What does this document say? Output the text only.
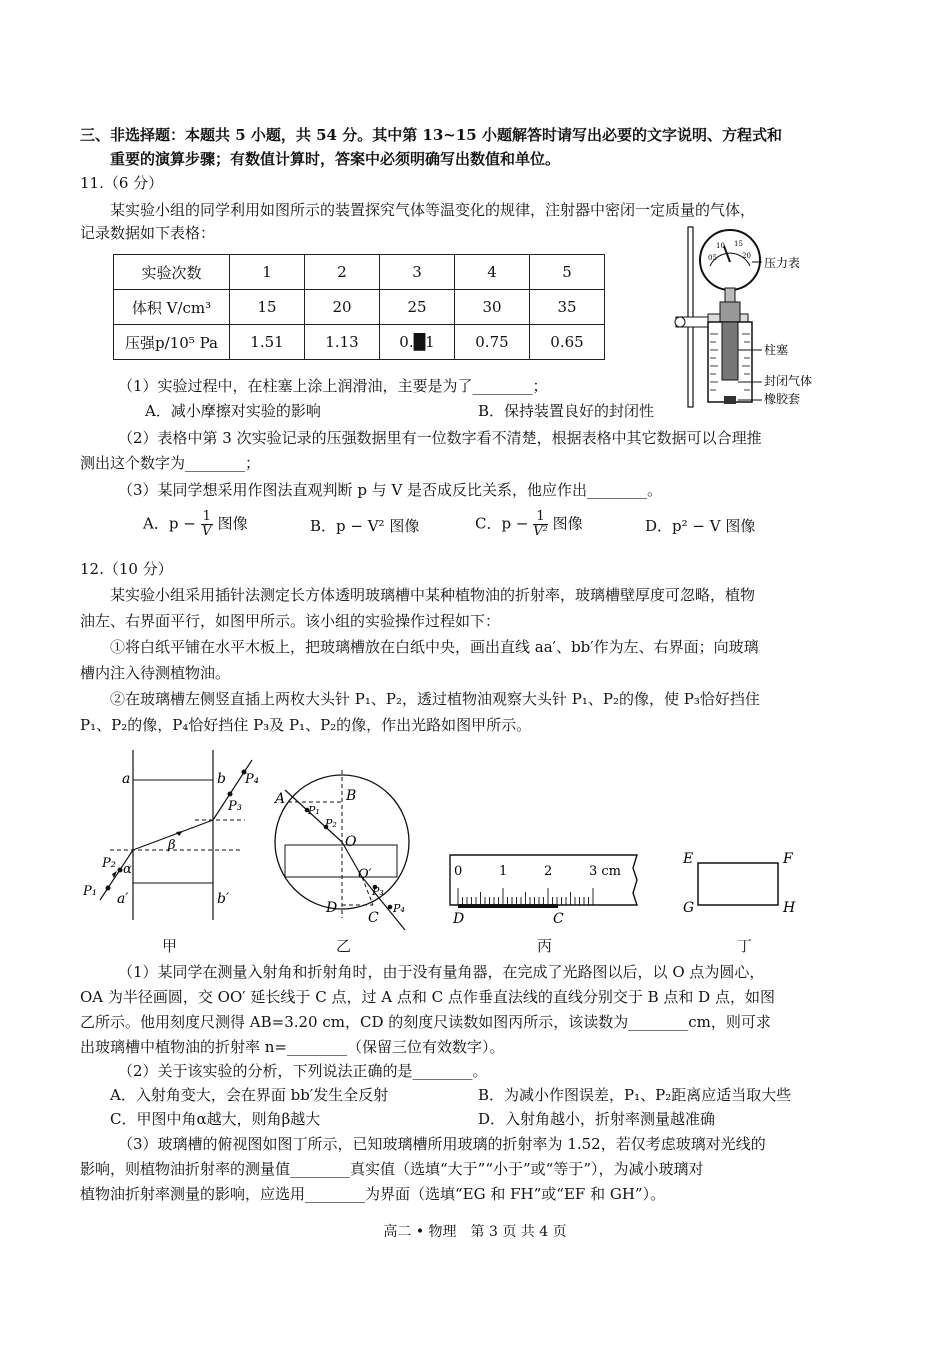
三、非选择题：本题共 5 小题，共 54 分。其中第 13~15 小题解答时请写出必要的文字说明、方程式和
重要的演算步骤；有数值计算时，答案中必须明确写出数值和单位。
11.（6 分）
某实验小组的同学利用如图所示的装置探究气体等温变化的规律，注射器中密闭一定质量的气体，
记录数据如下表格：
实验次数	1	2	3	4	5
体积 V/cm³	15	20	25	30	35
压强p/10⁵ Pa	1.51	1.13	0.█1	0.75	0.65
05
10 15
20 压力表
柱塞
封闭气体
橡胶套
（1）实验过程中，在柱塞上涂上润滑油，主要是为了________；
A．减小摩擦对实验的影响	B．保持装置良好的封闭性
（2）表格中第 3 次实验记录的压强数据里有一位数字看不清楚，根据表格中其它数据可以合理推
测出这个数字为________；
（3）某同学想采用作图法直观判断 p 与 V 是否成反比关系，他应作出________。
A．$p - \frac{1}{V}$ 图像	B．p − V² 图像	C．$p - \frac{1}{\text{V²}}$ 图像	D．p² − V 图像
12.（10 分）
某实验小组采用插针法测定长方体透明玻璃槽中某种植物油的折射率，玻璃槽壁厚度可忽略，植物
油左、右界面平行，如图甲所示。该小组的实验操作过程如下：
①将白纸平铺在水平木板上，把玻璃槽放在白纸中央，画出直线 aa′、bb′作为左、右界面；向玻璃
槽内注入待测植物油。
②在玻璃槽左侧竖直插上两枚大头针 P₁、P₂，透过植物油观察大头针 P₁、P₂的像，使 P₃恰好挡住
P₁、P₂的像，P₄恰好挡住 P₃及 P₁、P₂的像，作出光路如图甲所示。
a	b
a′	b′
P₁
P₂
P₃
P₄
α
β
A	B
C
D
O
O′
P₁
P₂
P₃
P₄
0	1	2	3 cm
D	C
E	F
G	H
甲	乙	丙	丁
（1）某同学在测量入射角和折射角时，由于没有量角器，在完成了光路图以后，以 O 点为圆心，
OA 为半径画圆，交 OO′ 延长线于 C 点，过 A 点和 C 点作垂直法线的直线分别交于 B 点和 D 点，如图
乙所示。他用刻度尺测得 AB=3.20 cm，CD 的刻度尺读数如图丙所示，该读数为________cm，则可求
出玻璃槽中植物油的折射率 n=________（保留三位有效数字）。
（2）关于该实验的分析，下列说法正确的是________。
A．入射角变大，会在界面 bb′发生全反射	B．为减小作图误差，P₁、P₂距离应适当取大些
C．甲图中角α越大，则角β越大	D．入射角越小，折射率测量越准确
（3）玻璃槽的俯视图如图丁所示，已知玻璃槽所用玻璃的折射率为 1.52，若仅考虑玻璃对光线的
影响，则植物油折射率的测量值________真实值（选填“大于”“小于”或“等于”），为减小玻璃对
植物油折射率测量的影响，应选用________为界面（选填“EG 和 FH”或“EF 和 GH”）。
高二 • 物理　第 3 页 共 4 页
